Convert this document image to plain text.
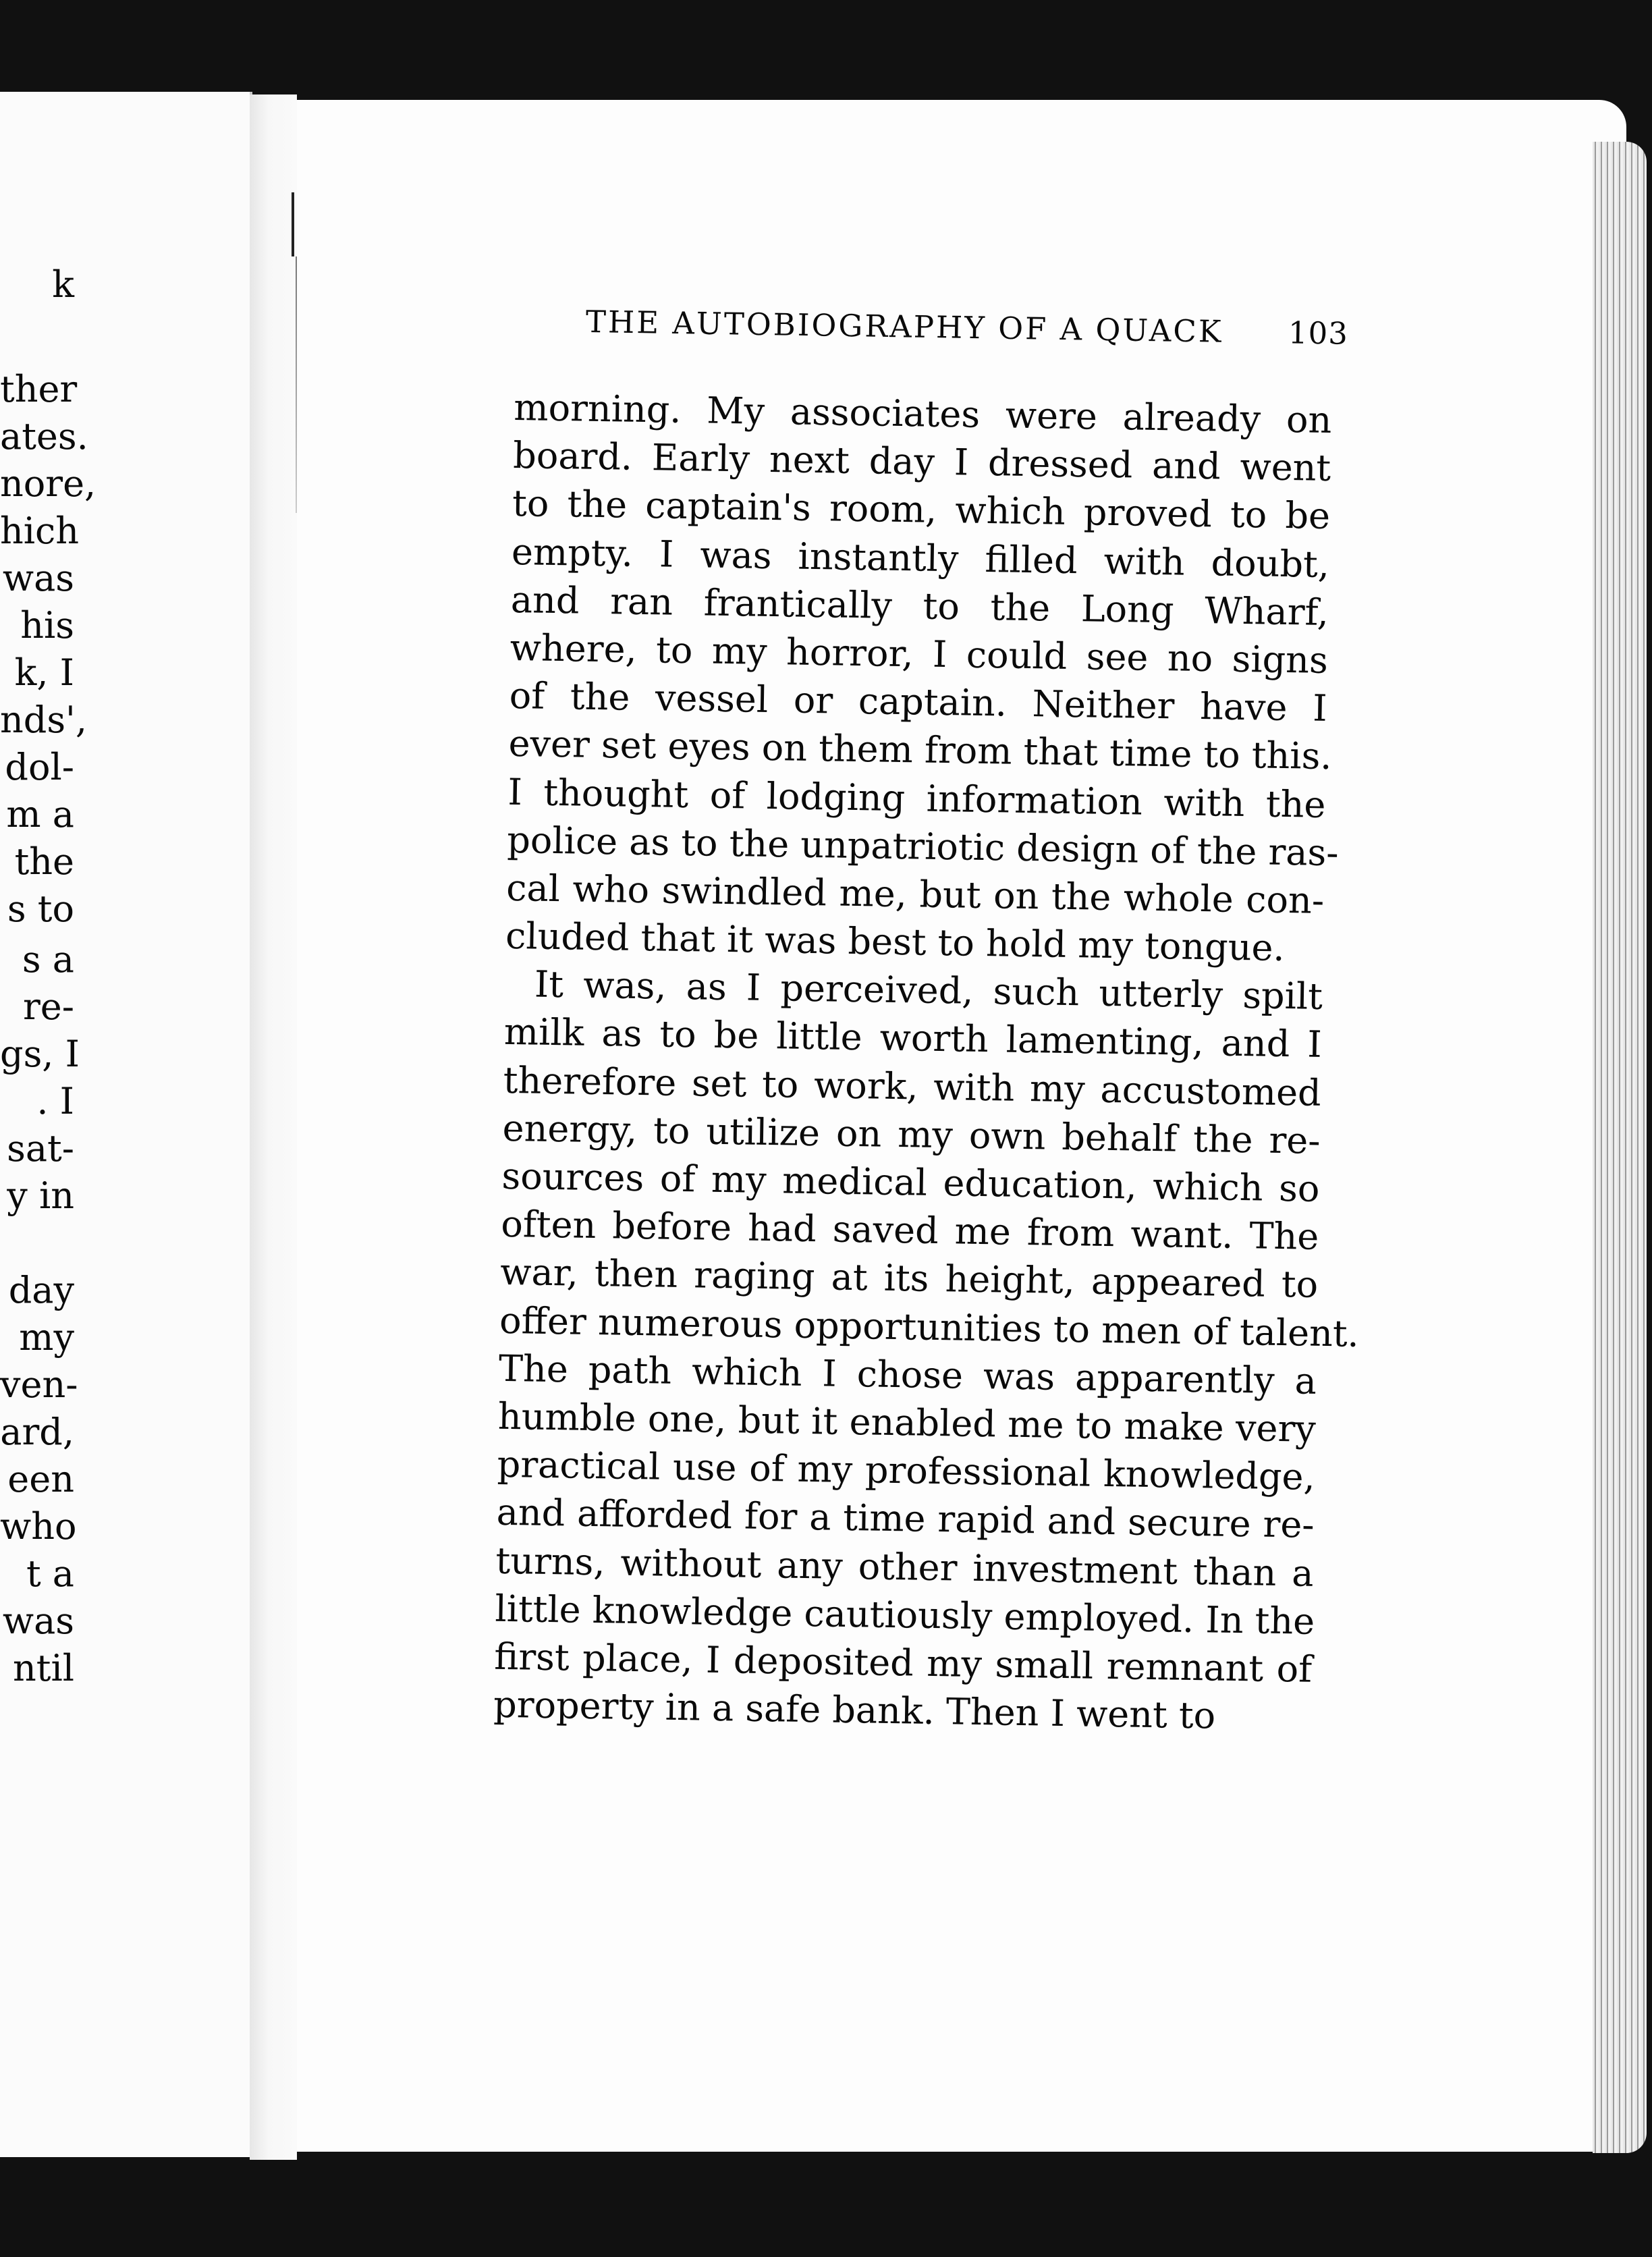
k
ther
ates.
nore,
hich
was
his
k, I
nds',
dol-
m a
the
s to
s a
re-
gs, I
. I
sat-
y in
day
my
ven-
ard,
een
who
t a
was
ntil
THE AUTOBIOGRAPHY OF A QUACK 103
morning. My associates were already on
board. Early next day I dressed and went
to the captain's room, which proved to be
empty. I was instantly filled with doubt,
and ran frantically to the Long Wharf,
where, to my horror, I could see no signs
of the vessel or captain. Neither have I
ever set eyes on them from that time to this.
I thought of lodging information with the
police as to the unpatriotic design of the ras-
cal who swindled me, but on the whole con-
cluded that it was best to hold my tongue.
It was, as I perceived, such utterly spilt
milk as to be little worth lamenting, and I
therefore set to work, with my accustomed
energy, to utilize on my own behalf the re-
sources of my medical education, which so
often before had saved me from want. The
war, then raging at its height, appeared to
offer numerous opportunities to men of talent.
The path which I chose was apparently a
humble one, but it enabled me to make very
practical use of my professional knowledge,
and afforded for a time rapid and secure re-
turns, without any other investment than a
little knowledge cautiously employed. In the
first place, I deposited my small remnant of
property in a safe bank. Then I went to
